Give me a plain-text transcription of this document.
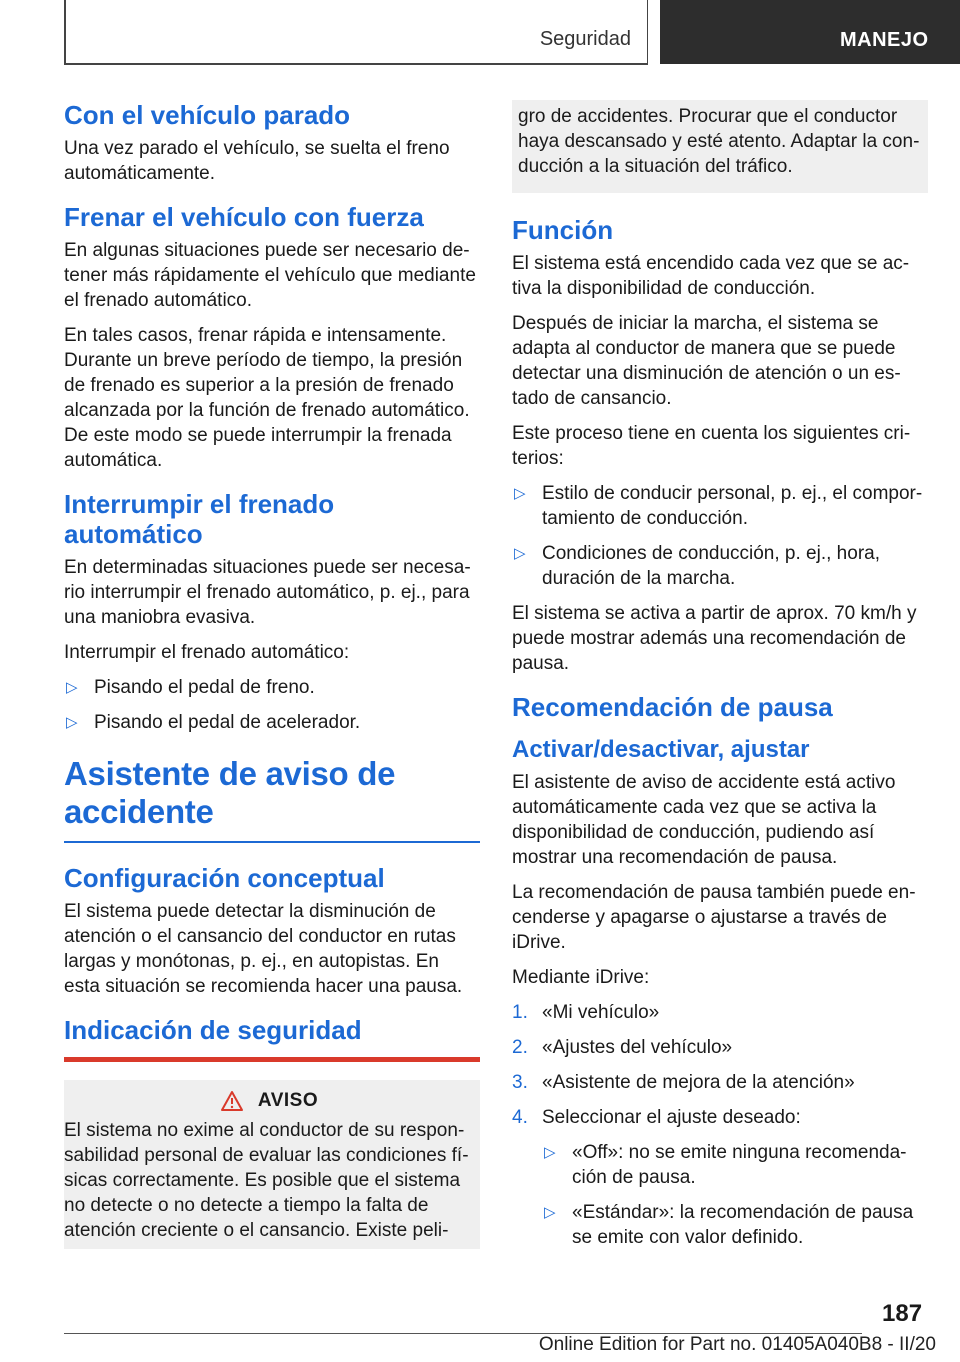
Seguridad	MANEJO
Con el vehículo parado

Una vez parado el vehículo, se suelta el freno automáticamente.

Frenar el vehículo con fuerza

En algunas situaciones puede ser necesario detener más rápidamente el vehículo que mediante el frenado automático.

En tales casos, frenar rápida e intensamente. Durante un breve período de tiempo, la presión de frenado es superior a la presión de frenado alcanzada por la función de frenado automático. De este modo se puede interrumpir la frenada automática.

Interrumpir el frenado automático

En determinadas situaciones puede ser necesario interrumpir el frenado automático, p. ej., para una maniobra evasiva.

Interrumpir el frenado automático:

▷ Pisando el pedal de freno.
▷ Pisando el pedal de acelerador.
Asistente de aviso de accidente
Configuración conceptual

El sistema puede detectar la disminución de atención o el cansancio del conductor en rutas largas y monótonas, p. ej., en autopistas. En esta situación se recomienda hacer una pausa.

Indicación de seguridad
AVISO

El sistema no exime al conductor de su responsabilidad personal de evaluar las condiciones físicas correctamente. Es posible que el sistema no detecte o no detecte a tiempo la falta de atención creciente o el cansancio. Existe peli-

gro de accidentes. Procurar que el conductor haya descansado y esté atento. Adaptar la conducción a la situación del tráfico.

Función

El sistema está encendido cada vez que se activa la disponibilidad de conducción.

Después de iniciar la marcha, el sistema se adapta al conductor de manera que se puede detectar una disminución de atención o un estado de cansancio.

Este proceso tiene en cuenta los siguientes criterios:

▷ Estilo de conducir personal, p. ej., el comportamiento de conducción.
▷ Condiciones de conducción, p. ej., hora, duración de la marcha.

El sistema se activa a partir de aprox. 70 km/h y puede mostrar además una recomendación de pausa.

Recomendación de pausa
Activar/desactivar, ajustar

El asistente de aviso de accidente está activo automáticamente cada vez que se activa la disponibilidad de conducción, pudiendo así mostrar una recomendación de pausa.

La recomendación de pausa también puede encenderse y apagarse o ajustarse a través de iDrive.

Mediante iDrive:

1. «Mi vehículo»
2. «Ajustes del vehículo»
3. «Asistente de mejora de la atención»
4. Seleccionar el ajuste deseado:
▷ «Off»: no se emite ninguna recomendación de pausa.
▷ «Estándar»: la recomendación de pausa se emite con valor definido.
187
Online Edition for Part no. 01405A040B8 - II/20
